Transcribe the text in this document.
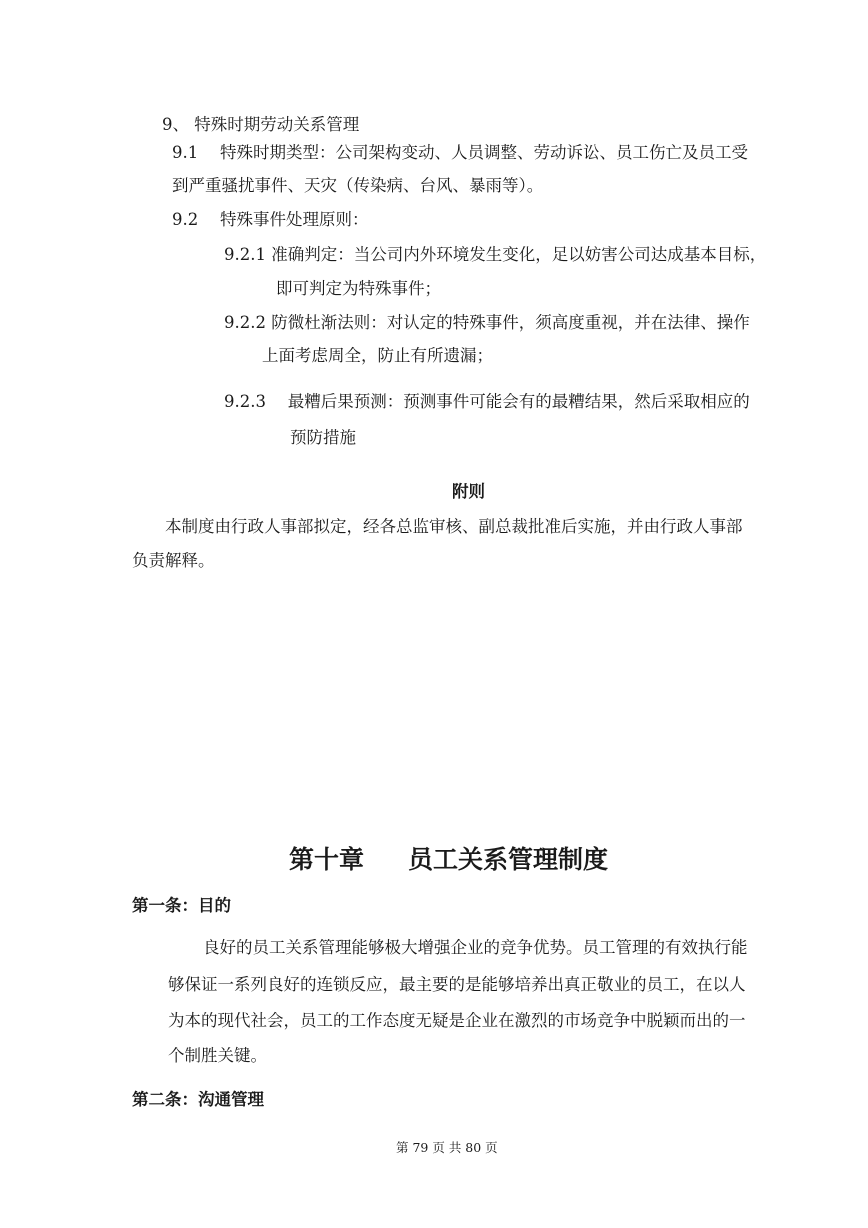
9、 特殊时期劳动关系管理
9.1　 特殊时期类型：公司架构变动、人员调整、劳动诉讼、员工伤亡及员工受
到严重骚扰事件、天灾（传染病、台风、暴雨等）。
9.2　 特殊事件处理原则：
9.2.1 准确判定：当公司内外环境发生变化，足以妨害公司达成基本目标，
即可判定为特殊事件；
9.2.2 防微杜渐法则：对认定的特殊事件，须高度重视，并在法律、操作
上面考虑周全，防止有所遗漏；
9.2.3　 最糟后果预测：预测事件可能会有的最糟结果，然后采取相应的
预防措施
附则
本制度由行政人事部拟定，经各总监审核、副总裁批准后实施，并由行政人事部
负责解释。
第十章 员工关系管理制度
第一条：目的
良好的员工关系管理能够极大增强企业的竞争优势。员工管理的有效执行能
够保证一系列良好的连锁反应，最主要的是能够培养出真正敬业的员工，在以人
为本的现代社会，员工的工作态度无疑是企业在激烈的市场竞争中脱颖而出的一
个制胜关键。
第二条：沟通管理
第 79 页 共 80 页
